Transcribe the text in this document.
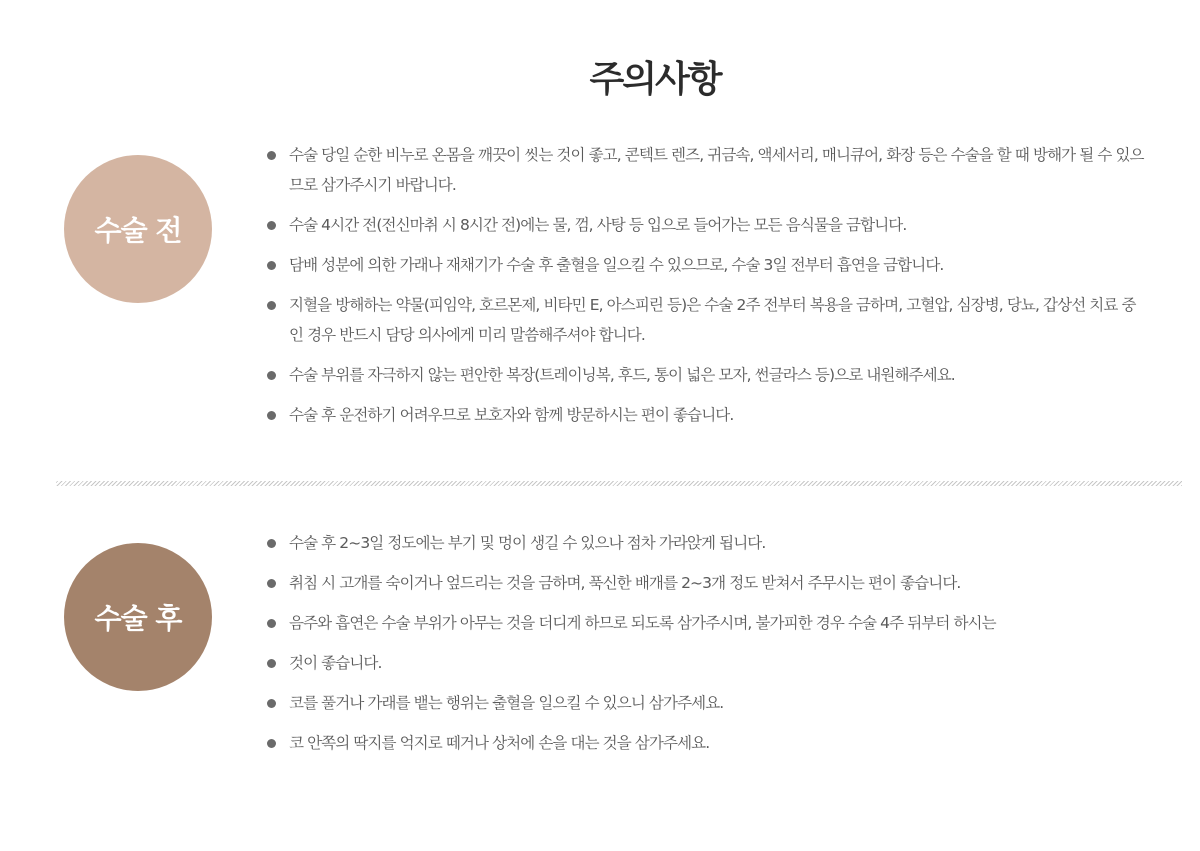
주의사항
수술 전
수술 당일 순한 비누로 온몸을 깨끗이 씻는 것이 좋고, 콘텍트 렌즈, 귀금속, 액세서리, 매니큐어, 화장 등은 수술을 할 때 방해가 될 수 있으므로 삼가주시기 바랍니다.
수술 4시간 전(전신마취 시 8시간 전)에는 물, 껌, 사탕 등 입으로 들어가는 모든 음식물을 금합니다.
담배 성분에 의한 가래나 재채기가 수술 후 출혈을 일으킬 수 있으므로, 수술 3일 전부터 흡연을 금합니다.
지혈을 방해하는 약물(피임약, 호르몬제, 비타민 E, 아스피린 등)은 수술 2주 전부터 복용을 금하며, 고혈압, 심장병, 당뇨, 갑상선 치료 중인 경우 반드시 담당 의사에게 미리 말씀해주셔야 합니다.
수술 부위를 자극하지 않는 편안한 복장(트레이닝복, 후드, 통이 넓은 모자, 썬글라스 등)으로 내원해주세요.
수술 후 운전하기 어려우므로 보호자와 함께 방문하시는 편이 좋습니다.
수술 후
수술 후 2~3일 정도에는 부기 및 멍이 생길 수 있으나 점차 가라앉게 됩니다.
취침 시 고개를 숙이거나 엎드리는 것을 금하며, 푹신한 배개를 2~3개 정도 받쳐서 주무시는 편이 좋습니다.
음주와 흡연은 수술 부위가 아무는 것을 더디게 하므로 되도록 삼가주시며, 불가피한 경우 수술 4주 뒤부터 하시는
것이 좋습니다.
코를 풀거나 가래를 뱉는 행위는 출혈을 일으킬 수 있으니 삼가주세요.
코 안쪽의 딱지를 억지로 떼거나 상처에 손을 대는 것을 삼가주세요.
